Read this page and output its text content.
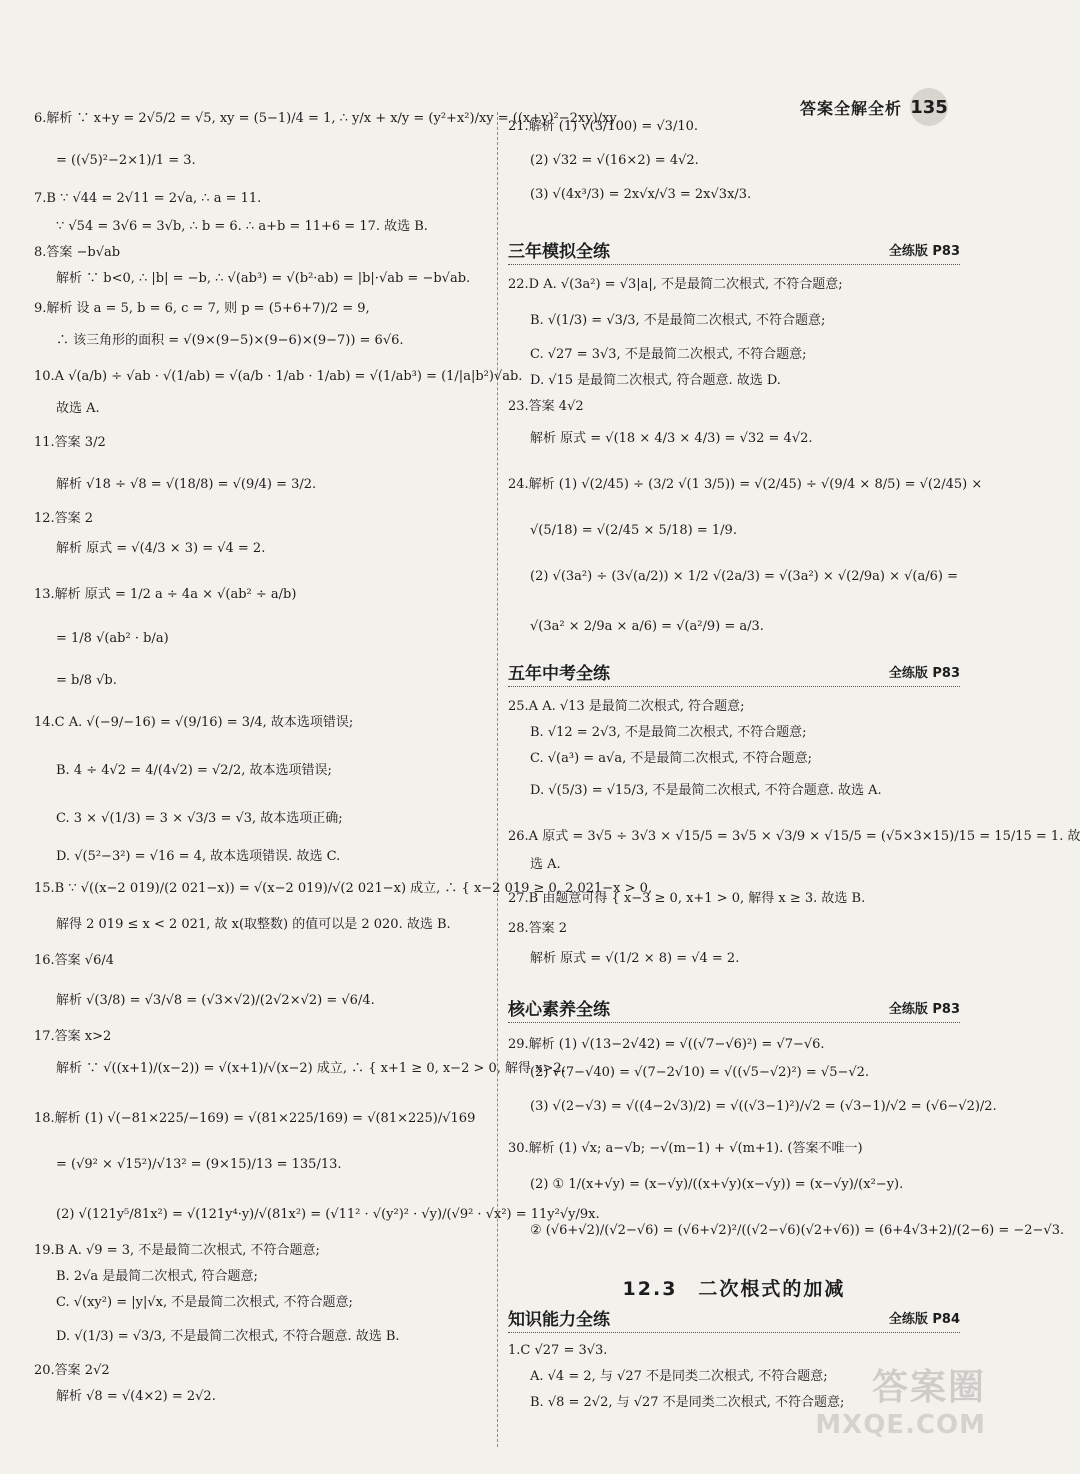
答案全解全析 135
6.解析 ∵ x+y = 2√5/2 = √5, xy = (5−1)/4 = 1, ∴ y/x + x/y = (y²+x²)/xy = ((x+y)²−2xy)/xy
= ((√5)²−2×1)/1 = 3.
7.B ∵ √44 = 2√11 = 2√a, ∴ a = 11.
∵ √54 = 3√6 = 3√b, ∴ b = 6. ∴ a+b = 11+6 = 17. 故选 B.
8.答案 −b√ab
解析 ∵ b<0, ∴ |b| = −b, ∴ √(ab³) = √(b²·ab) = |b|·√ab = −b√ab.
9.解析 设 a = 5, b = 6, c = 7, 则 p = (5+6+7)/2 = 9,
∴ 该三角形的面积 = √(9×(9−5)×(9−6)×(9−7)) = 6√6.
10.A √(a/b) ÷ √ab · √(1/ab) = √(a/b · 1/ab · 1/ab) = √(1/ab³) = (1/|a|b²)√ab.
故选 A.
11.答案 3/2
解析 √18 ÷ √8 = √(18/8) = √(9/4) = 3/2.
12.答案 2
解析 原式 = √(4/3 × 3) = √4 = 2.
13.解析 原式 = 1/2 a ÷ 4a × √(ab² ÷ a/b)
= 1/8 √(ab² · b/a)
= b/8 √b.
14.C A. √(−9/−16) = √(9/16) = 3/4, 故本选项错误;
B. 4 ÷ 4√2 = 4/(4√2) = √2/2, 故本选项错误;
C. 3 × √(1/3) = 3 × √3/3 = √3, 故本选项正确;
D. √(5²−3²) = √16 = 4, 故本选项错误. 故选 C.
15.B ∵ √((x−2 019)/(2 021−x)) = √(x−2 019)/√(2 021−x) 成立, ∴ { x−2 019 ≥ 0, 2 021−x > 0,
解得 2 019 ≤ x < 2 021, 故 x(取整数) 的值可以是 2 020. 故选 B.
16.答案 √6/4
解析 √(3/8) = √3/√8 = (√3×√2)/(2√2×√2) = √6/4.
17.答案 x>2
解析 ∵ √((x+1)/(x−2)) = √(x+1)/√(x−2) 成立, ∴ { x+1 ≥ 0, x−2 > 0, 解得 x>2.
18.解析 (1) √(−81×225/−169) = √(81×225/169) = √(81×225)/√169
= (√9² × √15²)/√13² = (9×15)/13 = 135/13.
(2) √(121y⁵/81x²) = √(121y⁴·y)/√(81x²) = (√11² · √(y²)² · √y)/(√9² · √x²) = 11y²√y/9x.
19.B A. √9 = 3, 不是最简二次根式, 不符合题意;
B. 2√a 是最简二次根式, 符合题意;
C. √(xy²) = |y|√x, 不是最简二次根式, 不符合题意;
D. √(1/3) = √3/3, 不是最简二次根式, 不符合题意. 故选 B.
20.答案 2√2
解析 √8 = √(4×2) = 2√2.
21.解析 (1) √(3/100) = √3/10.
(2) √32 = √(16×2) = 4√2.
(3) √(4x³/3) = 2x√x/√3 = 2x√3x/3.
三年模拟全练	全练版 P83
22.D A. √(3a²) = √3|a|, 不是最简二次根式, 不符合题意;
B. √(1/3) = √3/3, 不是最简二次根式, 不符合题意;
C. √27 = 3√3, 不是最简二次根式, 不符合题意;
D. √15 是最简二次根式, 符合题意. 故选 D.
23.答案 4√2
解析 原式 = √(18 × 4/3 × 4/3) = √32 = 4√2.
24.解析 (1) √(2/45) ÷ (3/2 √(1 3/5)) = √(2/45) ÷ √(9/4 × 8/5) = √(2/45) ×
√(5/18) = √(2/45 × 5/18) = 1/9.
(2) √(3a²) ÷ (3√(a/2)) × 1/2 √(2a/3) = √(3a²) × √(2/9a) × √(a/6) =
√(3a² × 2/9a × a/6) = √(a²/9) = a/3.
五年中考全练	全练版 P83
25.A A. √13 是最简二次根式, 符合题意;
B. √12 = 2√3, 不是最简二次根式, 不符合题意;
C. √(a³) = a√a, 不是最简二次根式, 不符合题意;
D. √(5/3) = √15/3, 不是最简二次根式, 不符合题意. 故选 A.
26.A 原式 = 3√5 ÷ 3√3 × √15/5 = 3√5 × √3/9 × √15/5 = (√5×3×15)/15 = 15/15 = 1. 故
选 A.
27.B 由题意可得 { x−3 ≥ 0, x+1 > 0, 解得 x ≥ 3. 故选 B.
28.答案 2
解析 原式 = √(1/2 × 8) = √4 = 2.
核心素养全练	全练版 P83
29.解析 (1) √(13−2√42) = √((√7−√6)²) = √7−√6.
(2) √(7−√40) = √(7−2√10) = √((√5−√2)²) = √5−√2.
(3) √(2−√3) = √((4−2√3)/2) = √((√3−1)²)/√2 = (√3−1)/√2 = (√6−√2)/2.
30.解析 (1) √x; a−√b; −√(m−1) + √(m+1). (答案不唯一)
(2) ① 1/(x+√y) = (x−√y)/((x+√y)(x−√y)) = (x−√y)/(x²−y).
② (√6+√2)/(√2−√6) = (√6+√2)²/((√2−√6)(√2+√6)) = (6+4√3+2)/(2−6) = −2−√3.
12.3　二次根式的加减
知识能力全练	全练版 P84
1.C √27 = 3√3.
A. √4 = 2, 与 √27 不是同类二次根式, 不符合题意;
B. √8 = 2√2, 与 √27 不是同类二次根式, 不符合题意; 答案圈
MXQE.COM
